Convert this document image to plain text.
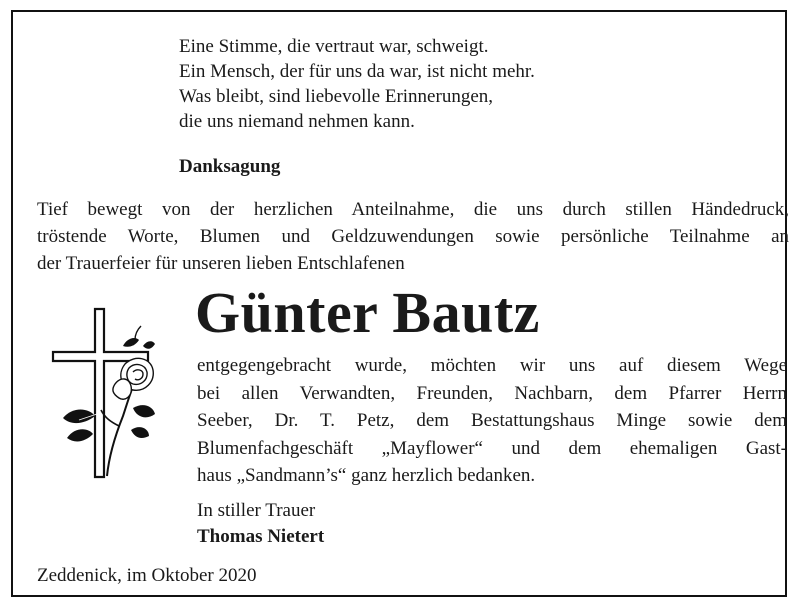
Eine Stimme, die vertraut war, schweigt.
Ein Mensch, der für uns da war, ist nicht mehr.
Was bleibt, sind liebevolle Erinnerungen,
die uns niemand nehmen kann.
Danksagung
Tief bewegt von der herzlichen Anteilnahme, die uns durch stillen Händedruck,
tröstende Worte, Blumen und Geldzuwendungen sowie persönliche Teilnahme an
der Trauerfeier für unseren lieben Entschlafenen
Günter Bautz
entgegengebracht wurde, möchten wir uns auf diesem Wege
bei allen Verwandten, Freunden, Nachbarn, dem Pfarrer Herrn
Seeber, Dr. T. Petz, dem Bestattungshaus Minge sowie dem
Blumenfachgeschäft „Mayflower“ und dem ehemaligen Gast-
haus „Sandmann’s“ ganz herzlich bedanken.
In stiller Trauer
Thomas Nietert
Zeddenick, im Oktober 2020
